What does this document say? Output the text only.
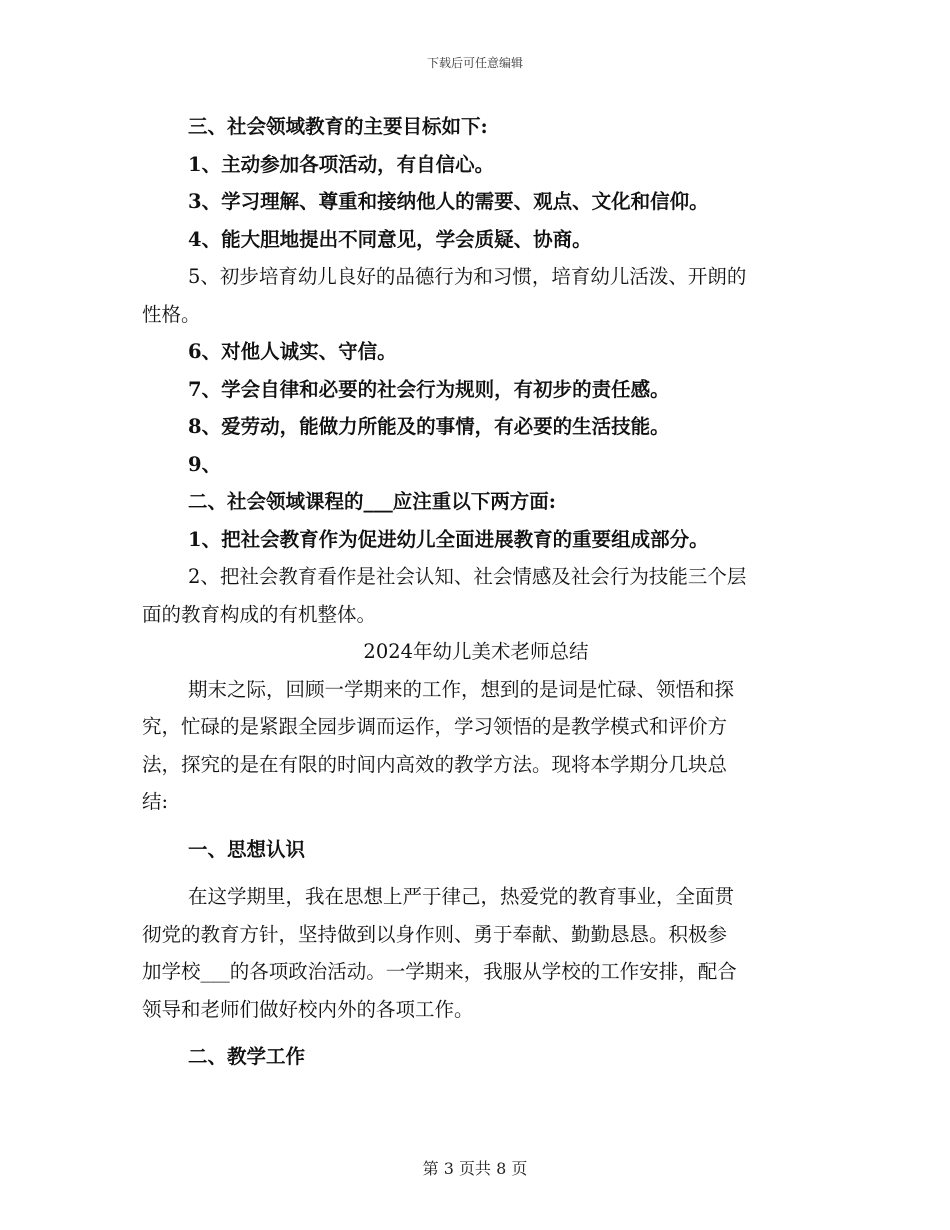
下载后可任意编辑
三、社会领域教育的主要目标如下:
1、主动参加各项活动，有自信心。
3、学习理解、尊重和接纳他人的需要、观点、文化和信仰。
4、能大胆地提出不同意见，学会质疑、协商。
5、初步培育幼儿良好的品德行为和习惯，培育幼儿活泼、开朗的
性格。
6、对他人诚实、守信。
7、学会自律和必要的社会行为规则，有初步的责任感。
8、爱劳动，能做力所能及的事情，有必要的生活技能。
9、
二、社会领域课程的___应注重以下两方面:
1、把社会教育作为促进幼儿全面进展教育的重要组成部分。
2、把社会教育看作是社会认知、社会情感及社会行为技能三个层
面的教育构成的有机整体。
2024年幼儿美术老师总结
期末之际，回顾一学期来的工作，想到的是词是忙碌、领悟和探
究，忙碌的是紧跟全园步调而运作，学习领悟的是教学模式和评价方
法，探究的是在有限的时间内高效的教学方法。现将本学期分几块总
结:
一、思想认识
在这学期里，我在思想上严于律己，热爱党的教育事业，全面贯
彻党的教育方针，坚持做到以身作则、勇于奉献、勤勤恳恳。积极参
加学校___的各项政治活动。一学期来，我服从学校的工作安排，配合
领导和老师们做好校内外的各项工作。
二、教学工作
第 3 页共 8 页
